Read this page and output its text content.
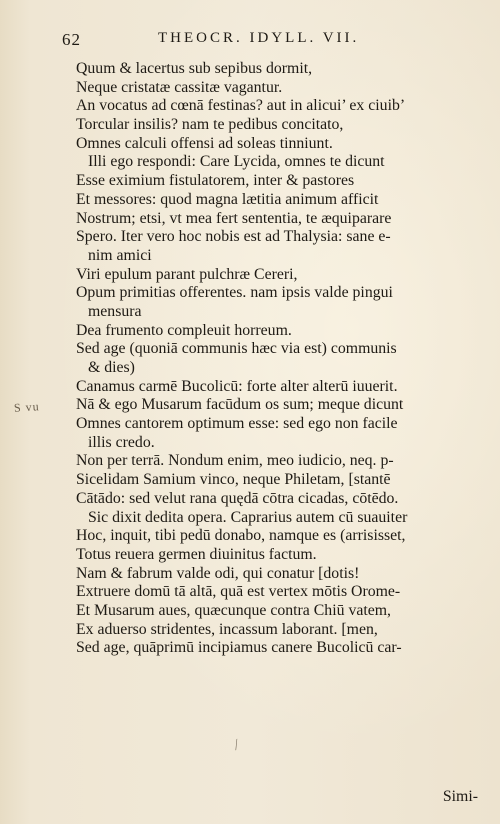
62	THEOCR. IDYLL. VII.
S vu
Quum & lacertus sub sepibus dormit,
Neque cristatæ cassitæ vagantur.
An vocatus ad cœnā festinas? aut in alicui’ ex ciuib’
Torcular insilis? nam te pedibus concitato,
Omnes calculi offensi ad soleas tinniunt.
Illi ego respondi: Care Lycida, omnes te dicunt
Esse eximium fistulatorem, inter & pastores
Et messores: quod magna lætitia animum afficit
Nostrum; etsi, vt mea fert sententia, te æquiparare
Spero. Iter vero hoc nobis est ad Thalysia: sane e-
nim amici
Viri epulum parant pulchræ Cereri,
Opum primitias offerentes. nam ipsis valde pingui
mensura
Dea frumento compleuit horreum.
Sed age (quoniā communis hæc via est) communis
& dies)
Canamus carmē Bucolicū: forte alter alterū iuuerit.
Nā & ego Musarum facūdum os sum; meque dicunt
Omnes cantorem optimum esse: sed ego non facile
illis credo.
Non per terrā. Nondum enim, meo iudicio, neq. p-
Sicelidam Samium vinco, neque Philetam, [stantē
Cātādo: sed velut rana quędā cōtra cicadas, cōtēdo.
Sic dixit dedita opera. Caprarius autem cū suauiter
Hoc, inquit, tibi pedū donabo, namque es (arrisisset,
Totus reuera germen diuinitus factum.
Nam & fabrum valde odi, qui conatur [dotis!
Extruere domū tā altā, quā est vertex mōtis Orome-
Et Musarum aues, quæcunque contra Chiū vatem,
Ex aduerso stridentes, incassum laborant. [men,
Sed age, quāprimū incipiamus canere Bucolicū car-
∕
Simi-
